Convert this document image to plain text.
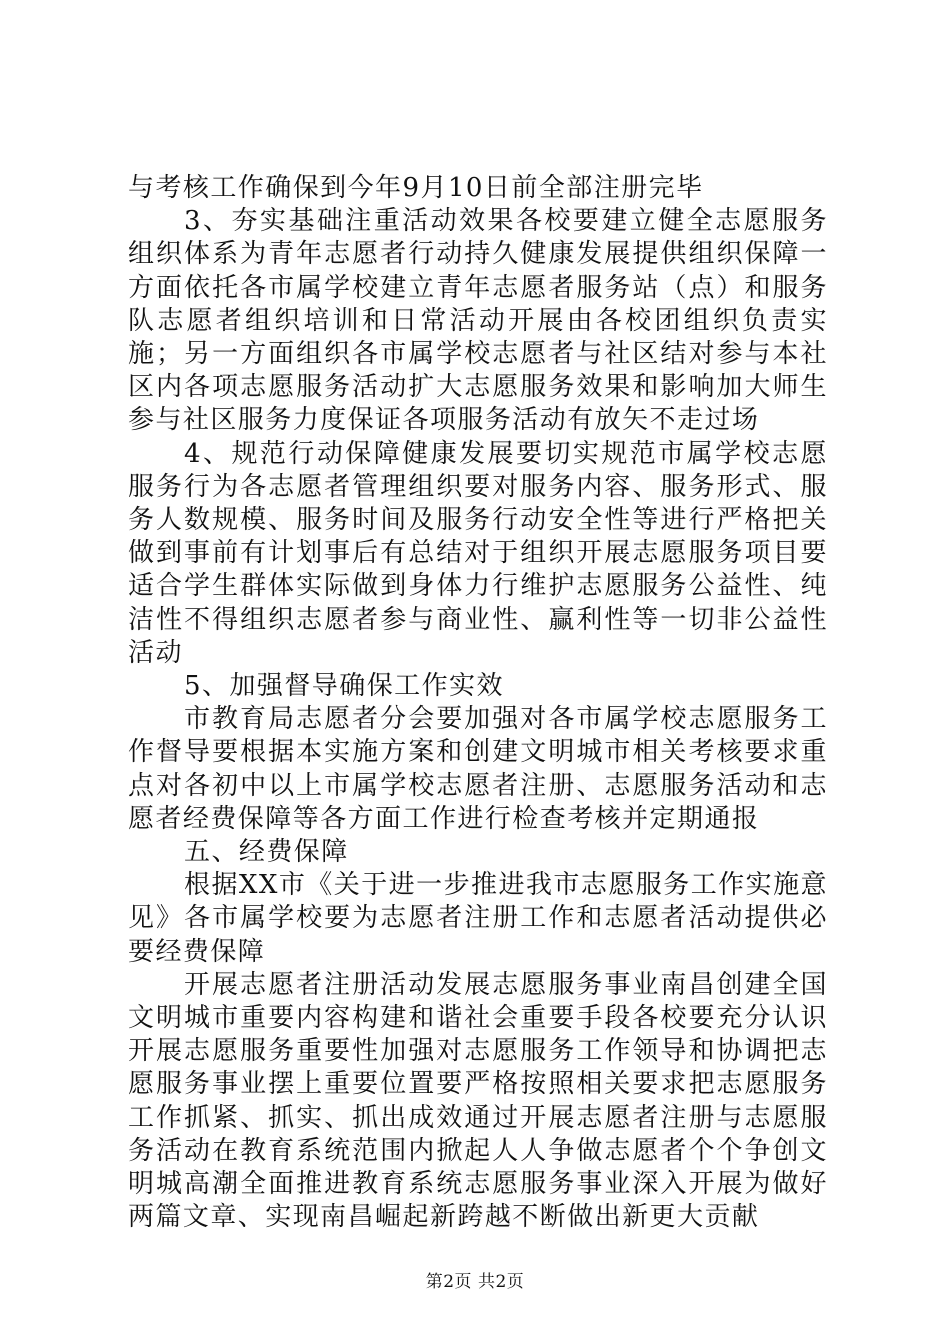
与考核工作确保到今年9月10日前全部注册完毕

3、夯实基础注重活动效果各校要建立健全志愿服务组织体系为青年志愿者行动持久健康发展提供组织保障一方面依托各市属学校建立青年志愿者服务站（点）和服务队志愿者组织培训和日常活动开展由各校团组织负责实施；另一方面组织各市属学校志愿者与社区结对参与本社区内各项志愿服务活动扩大志愿服务效果和影响加大师生参与社区服务力度保证各项服务活动有放矢不走过场

4、规范行动保障健康发展要切实规范市属学校志愿服务行为各志愿者管理组织要对服务内容、服务形式、服务人数规模、服务时间及服务行动安全性等进行严格把关做到事前有计划事后有总结对于组织开展志愿服务项目要适合学生群体实际做到身体力行维护志愿服务公益性、纯洁性不得组织志愿者参与商业性、赢利性等一切非公益性活动

5、加强督导确保工作实效

市教育局志愿者分会要加强对各市属学校志愿服务工作督导要根据本实施方案和创建文明城市相关考核要求重点对各初中以上市属学校志愿者注册、志愿服务活动和志愿者经费保障等各方面工作进行检查考核并定期通报

五、经费保障

根据XX市《关于进一步推进我市志愿服务工作实施意见》各市属学校要为志愿者注册工作和志愿者活动提供必要经费保障

开展志愿者注册活动发展志愿服务事业南昌创建全国文明城市重要内容构建和谐社会重要手段各校要充分认识开展志愿服务重要性加强对志愿服务工作领导和协调把志愿服务事业摆上重要位置要严格按照相关要求把志愿服务工作抓紧、抓实、抓出成效通过开展志愿者注册与志愿服务活动在教育系统范围内掀起人人争做志愿者个个争创文明城高潮全面推进教育系统志愿服务事业深入开展为做好两篇文章、实现南昌崛起新跨越不断做出新更大贡献

第2页 共2页
